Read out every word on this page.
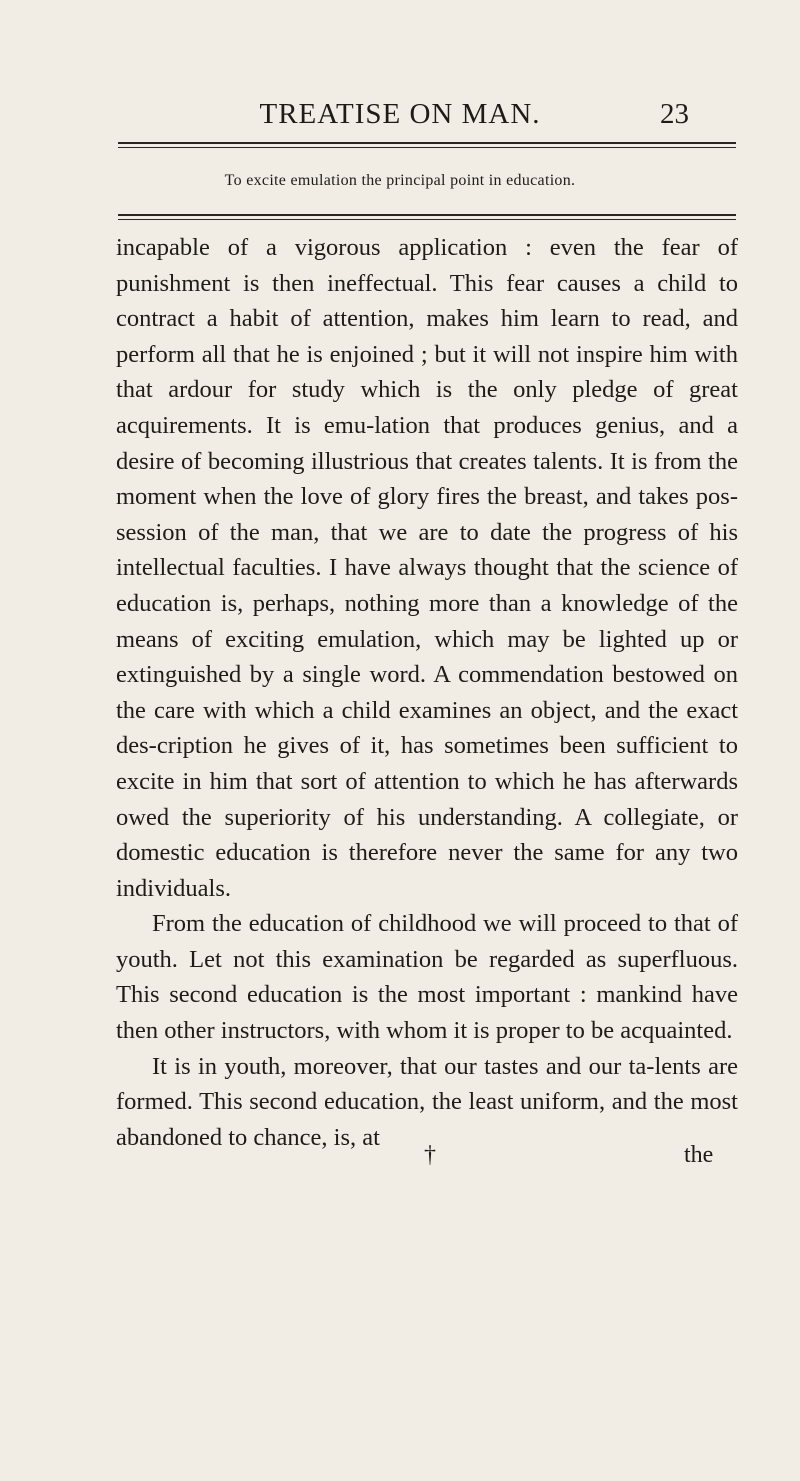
TREATISE ON MAN.	23
To excite emulation the principal point in education.

incapable of a vigorous application : even the fear of punishment is then ineffectual. This fear causes a child to contract a habit of attention, makes him learn to read, and perform all that he is enjoined ; but it will not inspire him with that ardour for study which is the only pledge of great acquirements. It is emu-lation that produces genius, and a desire of becoming illustrious that creates talents. It is from the moment when the love of glory fires the breast, and takes pos-session of the man, that we are to date the progress of his intellectual faculties. I have always thought that the science of education is, perhaps, nothing more than a knowledge of the means of exciting emulation, which may be lighted up or extinguished by a single word. A commendation bestowed on the care with which a child examines an object, and the exact des-cription he gives of it, has sometimes been sufficient to excite in him that sort of attention to which he has afterwards owed the superiority of his understanding. A collegiate, or domestic education is therefore never the same for any two individuals.

From the education of childhood we will proceed to that of youth. Let not this examination be regarded as superfluous. This second education is the most important : mankind have then other instructors, with whom it is proper to be acquainted.

It is in youth, moreover, that our tastes and our ta-lents are formed. This second education, the least uniform, and the most abandoned to chance, is, at

†	the
